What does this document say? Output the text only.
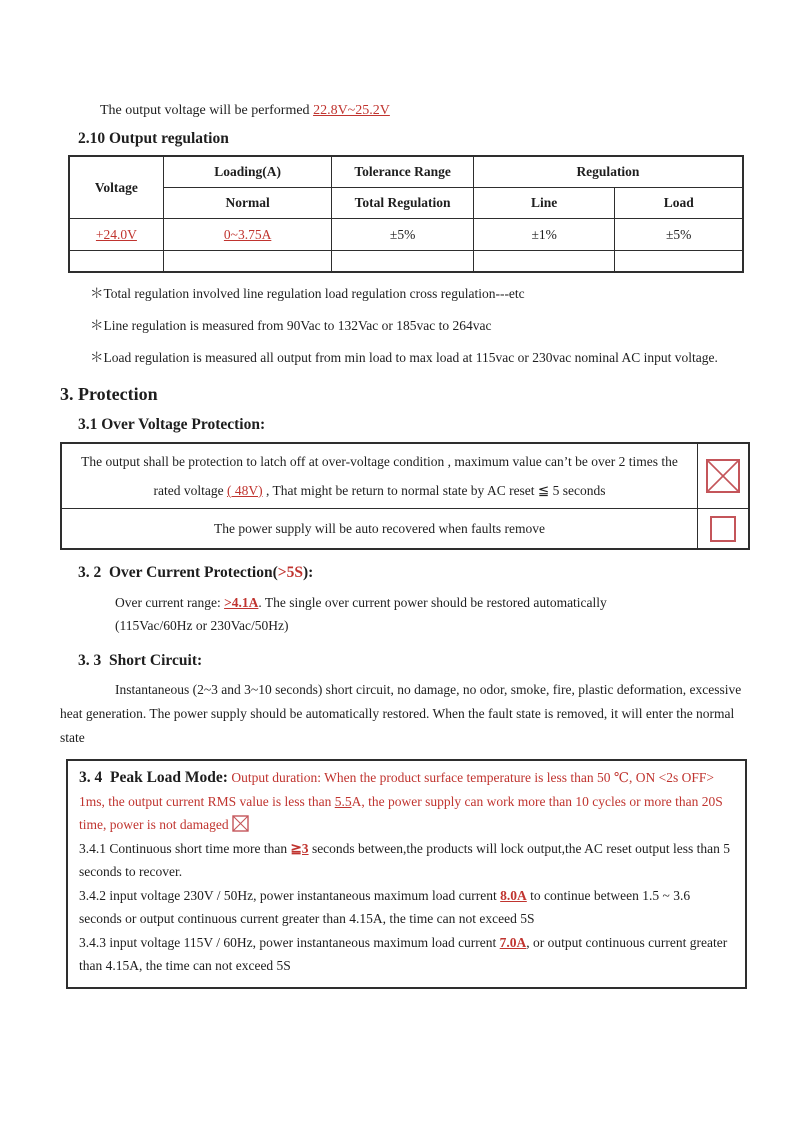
The output voltage will be performed 22.8V~25.2V

2.10 Output regulation
Voltage	Loading(A)	Tolerance Range	Regulation	
	Normal	Total Regulation	Line	Load
+24.0V	0~3.75A	±5%	±1%	±5%

＊Total regulation involved line regulation load regulation cross regulation---etc

＊Line regulation is measured from 90Vac to 132Vac or 185vac to 264vac

＊Load regulation is measured all output from min load to max load at 115vac or 230vac nominal AC input voltage.

3. Protection
3.1 Over Voltage Protection:
The output shall be protection to latch off at over-voltage condition , maximum value can’t be over 2 times the rated voltage ( 48V) , That might be return to normal state by AC reset ≦ 5 seconds	

The power supply will be auto recovered when faults remove	
3. 2  Over Current Protection(>5S):

Over current range: >4.1A. The single over current power should be restored automatically

(115Vac/60Hz or 230Vac/50Hz)

3. 3  Short Circuit:

Instantaneous (2~3 and 3~10 seconds) short circuit, no damage, no odor, smoke, fire, plastic deformation, excessive heat generation. The power supply should be automatically restored. When the fault state is removed, it will enter the normal state

3. 4  Peak Load Mode: Output duration: When the product surface temperature is less than 50 ℃, ON <2s OFF> 1ms, the output current RMS value is less than 5.5A, the power supply can work more than 10 cycles or more than 20S time, power is not damaged

3.4.1 Continuous short time more than ≧3 seconds between,the products will lock output,the AC reset output less than 5 seconds to recover.

3.4.2 input voltage 230V / 50Hz, power instantaneous maximum load current 8.0A to continue between 1.5 ~ 3.6 seconds or output continuous current greater than 4.15A, the time can not exceed 5S

3.4.3 input voltage 115V / 60Hz, power instantaneous maximum load current 7.0A, or output continuous current greater than 4.15A, the time can not exceed 5S
